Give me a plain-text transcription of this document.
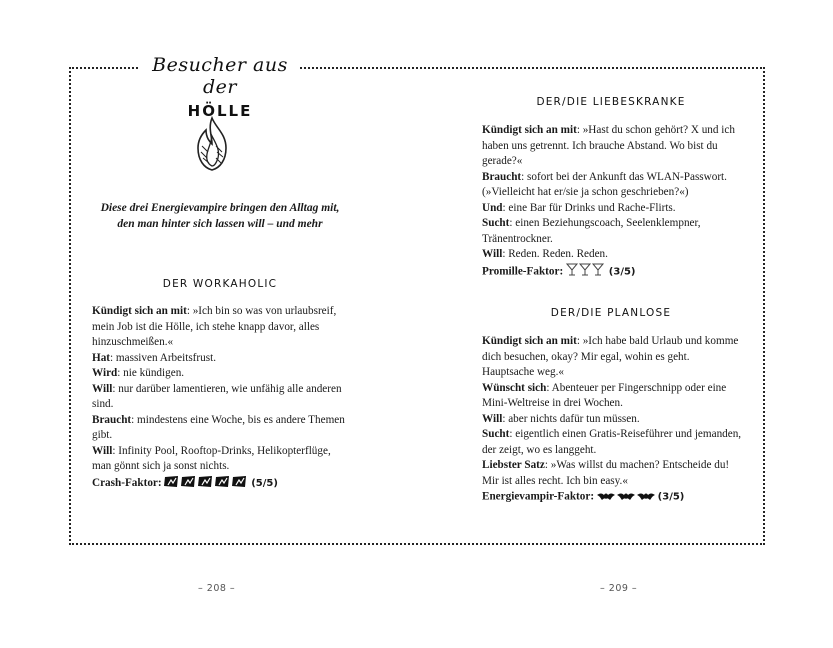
Besucher aus der
HÖLLE
Diese drei Energievampire bringen den Alltag mit, den man hinter sich lassen will – und mehr
DER WORKAHOLIC

Kündigt sich an mit: »Ich bin so was von urlaubsreif, mein Job ist die Hölle, ich stehe knapp davor, alles hinzuschmeißen.«

Hat: massiven Arbeitsfrust.

Wird: nie kündigen.

Will: nur darüber lamentieren, wie unfähig alle anderen sind.

Braucht: mindestens eine Woche, bis es andere Themen gibt.

Will: Infinity Pool, Rooftop-Drinks, Helikopterflüge, man gönnt sich ja sonst nichts.

Crash-Faktor:	(5/5)

– 208 –
DER/DIE LIEBESKRANKE

Kündigt sich an mit: »Hast du schon gehört? X und ich haben uns getrennt. Ich brauche Abstand. Wo bist du gerade?«

Braucht: sofort bei der Ankunft das WLAN-Passwort. (»Vielleicht hat er/sie ja schon geschrieben?«)

Und: eine Bar für Drinks und Rache-Flirts.

Sucht: einen Beziehungscoach, Seelenklempner, Tränentrockner.

Will: Reden. Reden. Reden.

Promille-Faktor:	(3/5)

DER/DIE PLANLOSE

Kündigt sich an mit: »Ich habe bald Urlaub und komme dich besuchen, okay? Mir egal, wohin es geht. Hauptsache weg.«

Wünscht sich: Abenteuer per Fingerschnipp oder eine Mini-Weltreise in drei Wochen.

Will: aber nichts dafür tun müssen.

Sucht: eigentlich einen Gratis-Reiseführer und jemanden, der zeigt, wo es langgeht.

Liebster Satz: »Was willst du machen? Entscheide du! Mir ist alles recht. Ich bin easy.«

Energievampir-Faktor:	(3/5)

– 209 –
